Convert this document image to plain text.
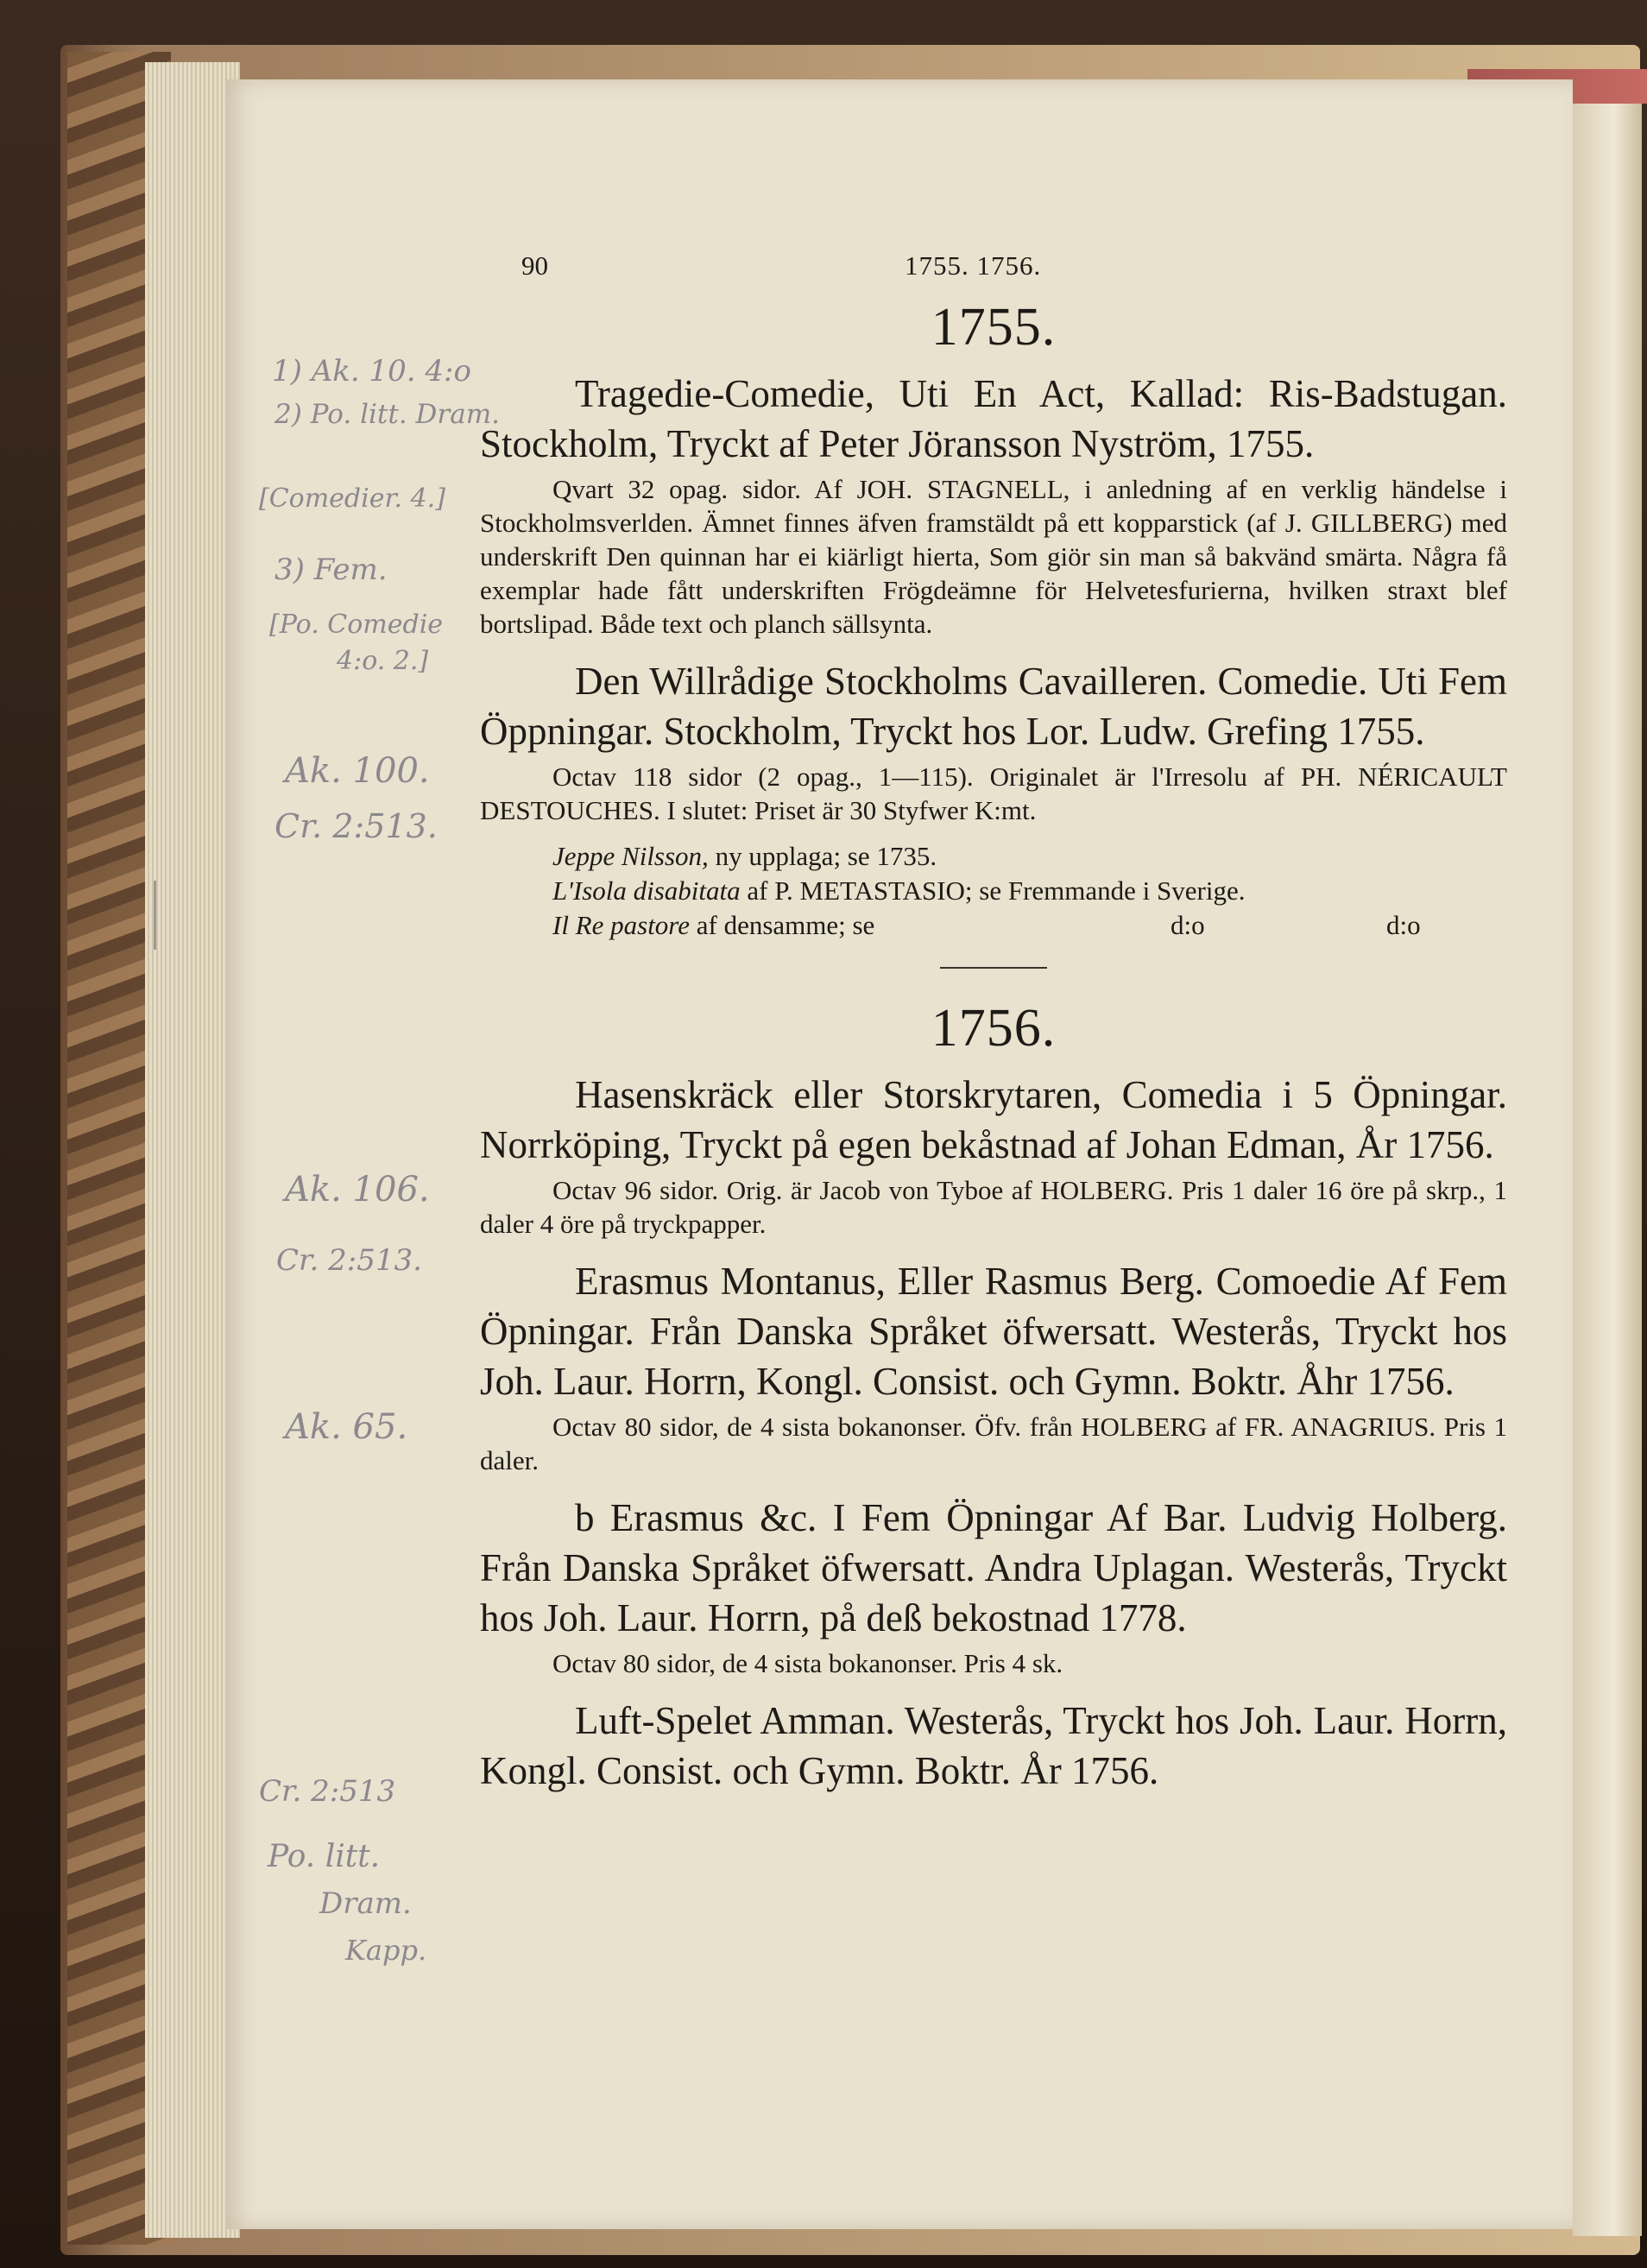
1) Ak. 10. 4:o
2) Po. litt. Dram.
[Comedier. 4.]
3) Fem.
[Po. Comedie
4:o. 2.]
Ak. 100.
Cr. 2:513.
Ak. 106.
Cr. 2:513.
Ak. 65.
Cr. 2:513
Po. litt.
Dram.
Kapp.
90	1755. 1756.
1755.
Tragedie-Comedie, Uti En Act, Kallad: Ris-Badstugan. Stockholm, Tryckt af Peter Jöransson Nyström, 1755.
Qvart 32 opag. sidor. Af JOH. STAGNELL, i anledning af en verklig händelse i Stockholmsverlden. Ämnet finnes äfven framstäldt på ett kopparstick (af J. GILLBERG) med underskrift Den quinnan har ei kiärligt hierta, Som giör sin man så bakvänd smärta. Några få exemplar hade fått underskriften Frögdeämne för Helvetesfurierna, hvilken straxt blef bortslipad. Både text och planch sällsynta.
Den Willrådige Stockholms Cavailleren. Comedie. Uti Fem Öppningar. Stockholm, Tryckt hos Lor. Ludw. Grefing 1755.
Octav 118 sidor (2 opag., 1—115). Originalet är l'Irresolu af PH. NÉRICAULT DESTOUCHES. I slutet: Priset är 30 Styfwer K:mt.
Jeppe Nilsson, ny upplaga; se 1735.
L'Isola disabitata af P. METASTASIO; se Fremmande i Sverige.
Il Re pastore af densamme; se	d:o	d:o
1756.
Hasenskräck eller Storskrytaren, Comedia i 5 Öpningar. Norrköping, Tryckt på egen bekåstnad af Johan Edman, År 1756.
Octav 96 sidor. Orig. är Jacob von Tyboe af HOLBERG. Pris 1 daler 16 öre på skrp., 1 daler 4 öre på tryckpapper.
Erasmus Montanus, Eller Rasmus Berg. Comoedie Af Fem Öpningar. Från Danska Språket öfwersatt. Westerås, Tryckt hos Joh. Laur. Horrn, Kongl. Consist. och Gymn. Boktr. Åhr 1756.
Octav 80 sidor, de 4 sista bokanonser. Öfv. från HOLBERG af FR. ANAGRIUS. Pris 1 daler.
b Erasmus &c. I Fem Öpningar Af Bar. Ludvig Holberg. Från Danska Språket öfwersatt. Andra Uplagan. Westerås, Tryckt hos Joh. Laur. Horrn, på deß bekostnad 1778.
Octav 80 sidor, de 4 sista bokanonser. Pris 4 sk.
Luft-Spelet Amman. Westerås, Tryckt hos Joh. Laur. Horrn, Kongl. Consist. och Gymn. Boktr. År 1756.
